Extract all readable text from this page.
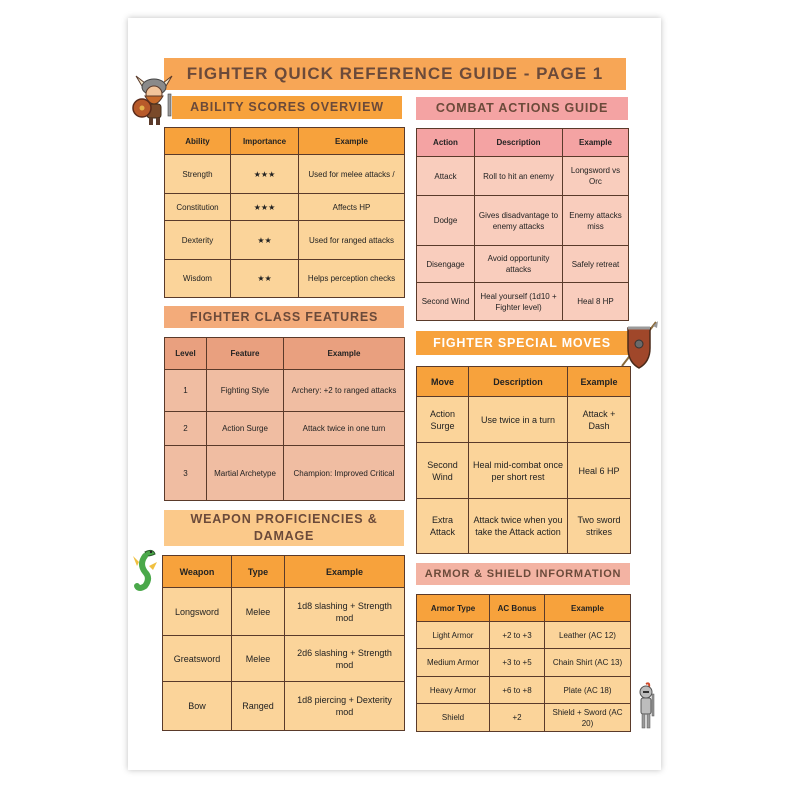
FIGHTER QUICK REFERENCE GUIDE - PAGE 1
ABILITY SCORES OVERVIEW
Ability	Importance	Example
Strength	★★★	Used for melee attacks /
Constitution	★★★	Affects HP
Dexterity	★★	Used for ranged attacks
Wisdom	★★	Helps perception checks
COMBAT ACTIONS GUIDE
Action	Description	Example
Attack	Roll to hit an enemy	Longsword vs Orc
Dodge	Gives disadvantage to enemy attacks	Enemy attacks miss
Disengage	Avoid opportunity attacks	Safely retreat
Second Wind	Heal yourself (1d10 + Fighter level)	Heal 8 HP
FIGHTER CLASS FEATURES
Level	Feature	Example
1	Fighting Style	Archery: +2 to ranged attacks
2	Action Surge	Attack twice in one turn
3	Martial Archetype	Champion: Improved Critical
FIGHTER SPECIAL MOVES
Move	Description	Example
Action Surge	Use twice in a turn	Attack + Dash
Second Wind	Heal mid-combat once per short rest	Heal 6 HP
Extra Attack	Attack twice when you take the Attack action	Two sword strikes
WEAPON PROFICIENCIES & DAMAGE
Weapon	Type	Example
Longsword	Melee	1d8 slashing + Strength mod
Greatsword	Melee	2d6 slashing + Strength mod
Bow	Ranged	1d8 piercing + Dexterity mod
ARMOR & SHIELD INFORMATION
Armor Type	AC Bonus	Example
Light Armor	+2 to +3	Leather (AC 12)
Medium Armor	+3 to +5	Chain Shirt (AC 13)
Heavy Armor	+6 to +8	Plate (AC 18)
Shield	+2	Shield + Sword (AC 20)
